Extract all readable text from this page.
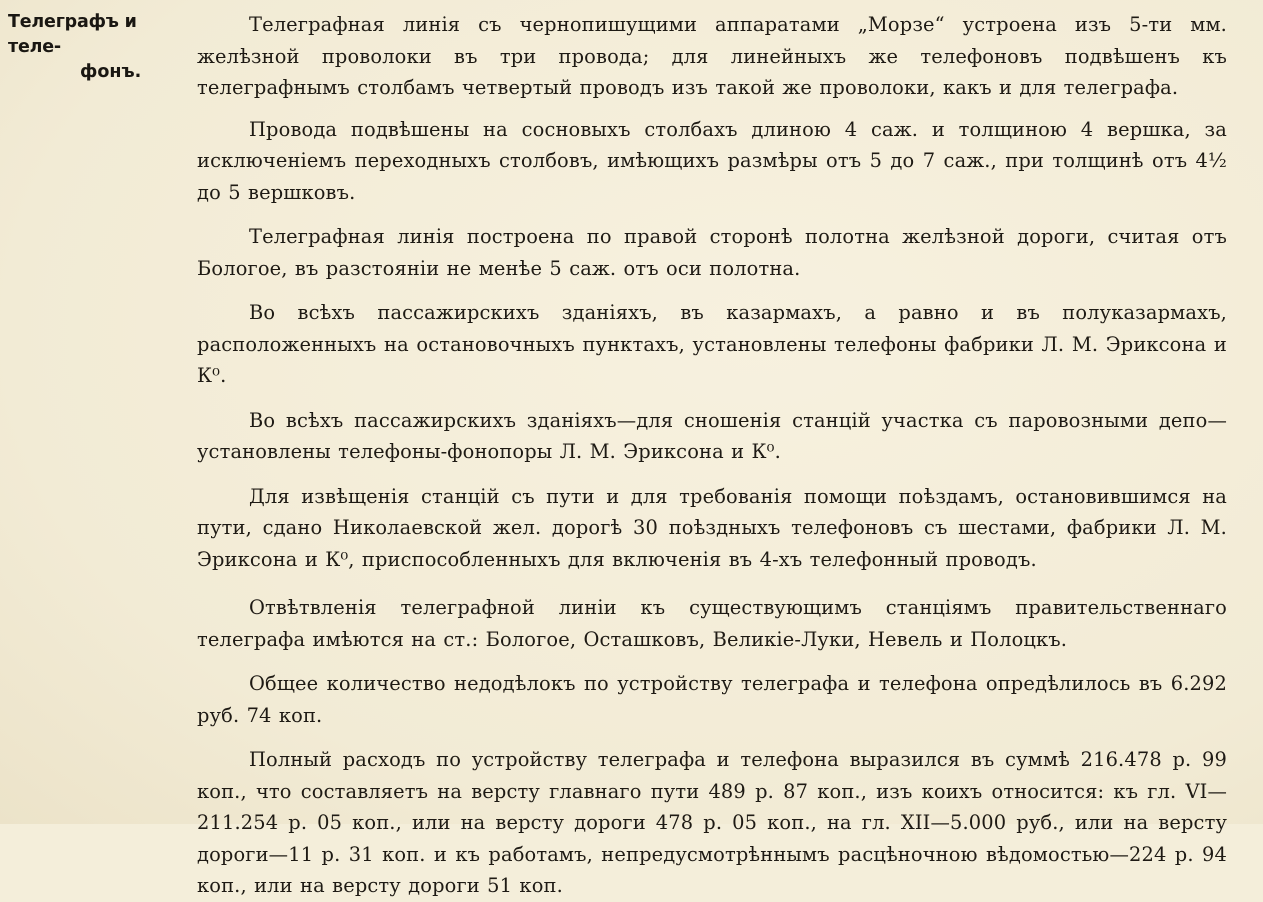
Телеграфъ и теле-
фонъ.

Телеграфная линія съ чернопишущими аппаратами „Морзе“ устроена изъ 5-ти мм. желѣзной проволоки въ три провода; для линейныхъ же телефоновъ подвѣшенъ къ телеграфнымъ столбамъ четвертый проводъ изъ такой же проволоки, какъ и для телеграфа.

Провода подвѣшены на сосновыхъ столбахъ длиною 4 саж. и толщиною 4 вершка, за исключеніемъ переходныхъ столбовъ, имѣющихъ размѣры отъ 5 до 7 саж., при толщинѣ отъ 4½ до 5 вершковъ.

Телеграфная линія построена по правой сторонѣ полотна желѣзной дороги, считая отъ Бологое, въ разстояніи не менѣе 5 саж. отъ оси полотна.

Во всѣхъ пассажирскихъ зданіяхъ, въ казармахъ, а равно и въ полуказармахъ, расположенныхъ на остановочныхъ пунктахъ, установлены телефоны фабрики Л. М. Эриксона и К⁰.

Во всѣхъ пассажирскихъ зданіяхъ—для сношенія станцій участка съ паровозными депо—установлены телефоны-фонопоры Л. М. Эриксона и К⁰.

Для извѣщенія станцій съ пути и для требованія помощи поѣздамъ, остановившимся на пути, сдано Николаевской жел. дорогѣ 30 поѣздныхъ телефоновъ съ шестами, фабрики Л. М. Эриксона и К⁰, приспособленныхъ для включенія въ 4-хъ телефонный проводъ.

Отвѣтвленія телеграфной линіи къ существующимъ станціямъ правительственнаго телеграфа имѣются на ст.: Бологое, Осташковъ, Великіе-Луки, Невель и Полоцкъ.

Общее количество недодѣлокъ по устройству телеграфа и телефона опредѣлилось въ 6.292 руб. 74 коп.

Полный расходъ по устройству телеграфа и телефона выразился въ суммѣ 216.478 р. 99 коп., что составляетъ на версту главнаго пути 489 р. 87 коп., изъ коихъ относится: къ гл. VI—211.254 р. 05 коп., или на версту дороги 478 р. 05 коп., на гл. XII—5.000 руб., или на версту дороги—11 р. 31 коп. и къ работамъ, непредусмотрѣннымъ расцѣночною вѣдомостью—224 р. 94 коп., или на версту дороги 51 коп.
